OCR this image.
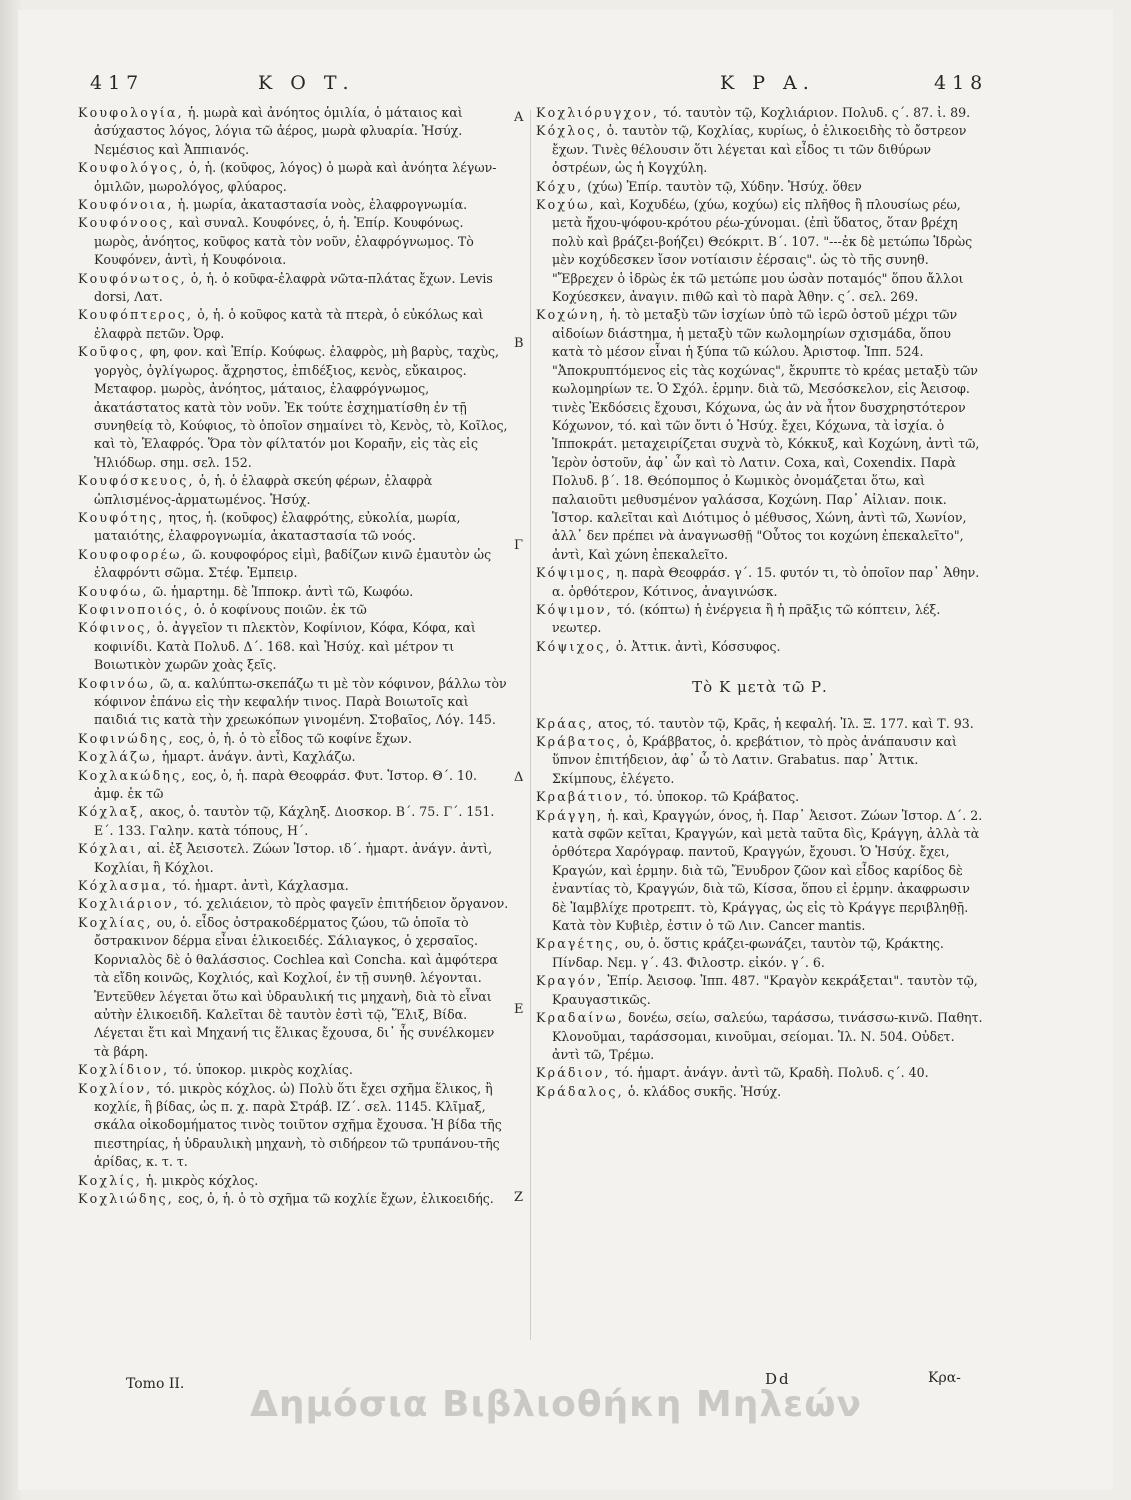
417	Κ Ο Τ.	Κ Ρ Α.	418
Κουφολογία, ἡ. μωρὰ καὶ ἀνόητος ὁμιλία, ὁ μάταιος καὶ ἀσύχαστος λόγος, λόγια τῶ ἀέρος, μωρὰ φλυαρία. Ἡσύχ. Νεμέσιος καὶ Ἀππιανός.
Κουφολόγος, ὁ, ἡ. (κοῦφος, λόγος) ὁ μωρὰ καὶ ἀνόητα λέγων-ὁμιλῶν, μωρολόγος, φλύαρος.
Κουφόνοια, ἡ. μωρία, ἀκαταστασία νοὸς, ἐλαφρογνωμία.
Κουφόνοος, καὶ συναλ. Κουφόνες, ὁ, ἡ. Ἐπίρ. Κουφόνως. μωρὸς, ἀνόητος, κοῦφος κατὰ τὸν νοῦν, ἐλαφρόγνωμος. Τὸ Κουφόνεν, ἀντὶ, ἡ Κουφόνοια.
Κουφόνωτος, ὁ, ἡ. ὁ κοῦφα-ἐλαφρὰ νῶτα-πλάτας ἔχων. Levis dorsi, Λατ.
Κουφόπτερος, ὁ, ἡ. ὁ κοῦφος κατὰ τὰ πτερὰ, ὁ εὐκόλως καὶ ἐλαφρὰ πετῶν. Ὀρφ.
Κοῦφος, φη, φον. καὶ Ἐπίρ. Κούφως. ἐλαφρὸς, μὴ βαρὺς, ταχὺς, γοργὸς, ὀγλίγωρος. ἄχρηστος, ἐπιδέξιος, κενὸς, εὔκαιρος. Μεταφορ. μωρὸς, ἀνόητος, μάταιος, ἐλαφρόγνωμος, ἀκατάστατος κατὰ τὸν νοῦν. Ἐκ τούτε ἐσχηματίσθη ἐν τῇ συνηθείᾳ τὸ, Κούφιος, τὸ ὁποῖον σημαίνει τὸ, Κενὸς, τὸ, Κοῖλος, καὶ τὸ, Ἐλαφρός. Ὅρα τὸν φίλτατόν μοι Κοραῆν, εἰς τὰς εἰς Ἡλιόδωρ. σημ. σελ. 152.
Κουφόσκευος, ὁ, ἡ. ὁ ἐλαφρὰ σκεύη φέρων, ἐλαφρὰ ὡπλισμένος-ἁρματωμένος. Ἡσύχ.
Κουφότης, ητος, ἡ. (κοῦφος) ἐλαφρότης, εὐκολία, μωρία, ματαιότης, ἐλαφρογνωμία, ἀκαταστασία τῶ νοός.
Κουφοφορέω, ῶ. κουφοφόρος εἰμὶ, βαδίζων κινῶ ἐμαυτὸν ὡς ἐλαφρόντι σῶμα. Στέφ. Ἐμπειρ.
Κουφόω, ῶ. ἡμαρτημ. δὲ Ἱπποκρ. ἀντὶ τῶ, Κωφόω.
Κοφινοποιός, ὁ. ὁ κοφίνους ποιῶν. ἐκ τῶ
Κόφινος, ὁ. ἀγγεῖον τι πλεκτὸν, Κοφίνιον, Κόφα, Κόφα, καὶ κοφινίδι. Κατὰ Πολυδ. Δ΄. 168. καὶ Ἡσύχ. καὶ μέτρον τι Βοιωτικὸν χωρῶν χοὰς ξεῖς.
Κοφινόω, ῶ, α. καλύπτω-σκεπάζω τι μὲ τὸν κόφινον, βάλλω τὸν κόφινον ἐπάνω εἰς τὴν κεφαλήν τινος. Παρὰ Βοιωτοῖς καὶ παιδιά τις κατὰ τὴν χρεωκόπων γινομένη. Στοβαῖος, Λόγ. 145.
Κοφινώδης, εος, ὁ, ἡ. ὁ τὸ εἶδος τῶ κοφίνε ἔχων.
Κοχλάζω, ἡμαρτ. ἀνάγν. ἀντὶ, Καχλάζω.
Κοχλακώδης, εος, ὁ, ἡ. παρὰ Θεοφράσ. Φυτ. Ἱστορ. Θ΄. 10. ἀμφ. ἐκ τῶ
Κόχλαξ, ακος, ὁ. ταυτὸν τῷ, Κάχληξ. Διοσκορ. Β΄. 75. Γ΄. 151. Ε΄. 133. Γαλην. κατὰ τόπους, Η΄.
Κόχλαι, αἱ. ἐξ Ἀεισοτελ. Ζώων Ἱστορ. ιδ΄. ἡμαρτ. ἀνάγν. ἀντὶ, Κοχλίαι, ἢ Κόχλοι.
Κόχλασμα, τό. ἡμαρτ. ἀντὶ, Κάχλασμα.
Κοχλιάριον, τό. χελιάειον, τὸ πρὸς φαγεῖν ἐπιτήδειον ὄργανον.
Κοχλίας, ου, ὁ. εἶδος ὀστρακοδέρματος ζώου, τῶ ὁποῖα τὸ ὄστρακινον δέρμα εἶναι ἑλικοειδές. Σάλιαγκος, ὁ χερσαῖος. Κορνιαλὸς δὲ ὁ θαλάσσιος. Cochlea καὶ Concha. καὶ ἀμφότερα τὰ εἴδη κοινῶς, Κοχλιός, καὶ Κοχλοί, ἐν τῇ συνηθ. λέγονται. Ἐντεῦθεν λέγεται ὅτω καὶ ὑδραυλική τις μηχανὴ, διὰ τὸ εἶναι αὐτὴν ἑλικοειδῆ. Καλεῖται δὲ ταυτὸν ἐστὶ τῷ, Ἕλιξ, Βίδα. Λέγεται ἔτι καὶ Μηχανή τις ἕλικας ἔχουσα, δι᾽ ἧς συνέλκομεν τὰ βάρη.
Κοχλίδιον, τό. ὑποκορ. μικρὸς κοχλίας.
Κοχλίον, τό. μικρὸς κόχλος. ὠ) Πολὺ ὅτι ἔχει σχῆμα ἕλικος, ἢ κοχλίε, ἢ βίδας, ὡς π. χ. παρὰ Στράβ. ΙΖ΄. σελ. 1145. Κλῖμαξ, σκάλα οἰκοδομήματος τινὸς τοιῦτον σχῆμα ἔχουσα. Ἡ βίδα τῆς πιεστηρίας, ἡ ὑδραυλικὴ μηχανὴ, τὸ σιδήρεον τῶ τρυπάνου-τῆς ἀρίδας, κ. τ. τ.
Κοχλίς, ἡ. μικρὸς κόχλος.
Κοχλιώδης, εος, ὁ, ἡ. ὁ τὸ σχῆμα τῶ κοχλίε ἔχων, ἑλικοειδής.
Κοχλιόρυγχον, τό. ταυτὸν τῷ, Κοχλιάριον. Πολυδ. ς΄. 87. ἰ. 89.
Κόχλος, ὁ. ταυτὸν τῷ, Κοχλίας, κυρίως, ὁ ἑλικοειδὴς τὸ ὄστρεον ἔχων. Τινὲς θέλουσιν ὅτι λέγεται καὶ εἶδος τι τῶν διθύρων ὀστρέων, ὡς ἡ Κογχύλη.
Κόχυ, (χύω) Ἐπίρ. ταυτὸν τῷ, Χύδην. Ἡσύχ. ὅθεν
Κοχύω, καὶ, Κοχυδέω, (χύω, κοχύω) εἰς πλῆθος ἢ πλουσίως ρέω, μετὰ ἤχου-ψόφου-κρότου ρέω-χύνομαι. (ἐπὶ ὕδατος, ὅταν βρέχη πολὺ καὶ βράζει-βοήζει) Θεόκριτ. Β΄. 107. "---ἐκ δὲ μετώπω Ἱδρὼς μὲν κοχύδεσκεν ἴσον νοτίαισιν ἐέρσαις". ὡς τὸ τῆς συνηθ. "Ἔβρεχεν ὁ ἱδρὼς ἐκ τῶ μετώπε μου ὡσὰν ποταμός" ὅπου ἄλλοι Κοχύεσκεν, ἀναγιν. πιθῶ καὶ τὸ παρὰ Ἀθην. ς΄. σελ. 269.
Κοχώνη, ἡ. τὸ μεταξὺ τῶν ἰσχίων ὑπὸ τῶ ἱερῶ ὀστοῦ μέχρι τῶν αἰδοίων διάστημα, ἡ μεταξὺ τῶν κωλομηρίων σχισμάδα, ὅπου κατὰ τὸ μέσον εἶναι ἡ ξύπα τῶ κώλου. Ἀριστοφ. Ἱππ. 524. "Ἀποκρυπτόμενος εἰς τὰς κοχώνας", ἔκρυπτε τὸ κρέας μεταξὺ τῶν κωλομηρίων τε. Ὁ Σχόλ. ἑρμην. διὰ τῶ, Μεσόσκελον, εἰς Ἀεισοφ. τινὲς Ἐκδόσεις ἔχουσι, Κόχωνα, ὡς ἀν νὰ ἦτον δυσχρηστότερον Κόχωνον, τό. καὶ τῶν ὄντι ὁ Ἡσύχ. ἔχει, Κόχωνα, τὰ ἰσχία. ὁ Ἱπποκράτ. μεταχειρίζεται συχνὰ τὸ, Κόκκυξ, καὶ Κοχώνη, ἀντὶ τῶ, Ἱερὸν ὀστοῦν, ἀφ᾽ ὧν καὶ τὸ Λατιν. Coxa, καὶ, Coxendix. Παρὰ Πολυδ. β΄. 18. Θεόπομπος ὁ Κωμικὸς ὀνομάζεται ὅτω, καὶ παλαιοῦτι μεθυσμένον γαλάσσα, Κοχώνη. Παρ᾽ Αἰλιαν. ποικ. Ἱστορ. καλεῖται καὶ Διότιμος ὁ μέθυσος, Χώνη, ἀντὶ τῶ, Χωνίον, ἀλλ᾽ δεν πρέπει νὰ ἀναγνωσθῇ "Οὗτος τοι κοχώνη ἐπεκαλεῖτο", ἀντὶ, Καὶ χώνη ἐπεκαλεῖτο.
Κόψιμος, η. παρὰ Θεοφράσ. γ΄. 15. φυτόν τι, τὸ ὁποῖον παρ᾽ Ἀθην. α. ὀρθότερον, Κότινος, ἀναγινώσκ.
Κόψιμον, τό. (κόπτω) ἡ ἐνέργεια ἢ ἡ πρᾶξις τῶ κόπτειν, λέξ. νεωτερ.
Κόψιχος, ὁ. Ἀττικ. ἀντὶ, Κόσσυφος.
Τὸ Κ μετὰ τῶ Ρ.
Κράας, ατος, τό. ταυτὸν τῷ, Κρᾶς, ἡ κεφαλή. Ἰλ. Ξ. 177. καὶ Τ. 93.
Κράβατος, ὁ, Κράββατος, ὁ. κρεβάτιον, τὸ πρὸς ἀνάπαυσιν καὶ ὕπνον ἐπιτήδειον, ἀφ᾽ ὧ τὸ Λατιν. Grabatus. παρ᾽ Ἀττικ. Σκίμπους, ἐλέγετο.
Κραβάτιον, τό. ὑποκορ. τῶ Κράβατος.
Κράγγη, ἡ. καὶ, Κραγγών, όνος, ἡ. Παρ᾽ Ἀεισοτ. Ζώων Ἱστορ. Δ΄. 2. κατὰ σφῶν κεῖται, Κραγγών, καὶ μετὰ ταῦτα δὶς, Κράγγη, ἀλλὰ τὰ ὀρθότερα Χαρόγραφ. παντοῦ, Κραγγών, ἔχουσι. Ὁ Ἡσύχ. ἔχει, Κραγών, καὶ ἑρμην. διὰ τῶ, Ἔνυδρον ζῶον καὶ εἶδος καρίδος δὲ ἐναντίας τὸ, Κραγγών, διὰ τῶ, Κίσσα, ὅπου εἰ ἑρμην. ἀκαφρωσιν δὲ Ἰαμβλίχε προτρεπτ. τὸ, Κράγγας, ὡς εἰς τὸ Κράγγε περιβληθῇ. Κατὰ τὸν Κυβιὲρ, ἐστιν ὁ τῶ Λιν. Cancer mantis.
Κραγέτης, ου, ὁ. ὅστις κράζει-φωνάζει, ταυτὸν τῷ, Κράκτης. Πίνδαρ. Νεμ. γ΄. 43. Φιλοστρ. εἰκόν. γ΄. 6.
Κραγόν, Ἐπίρ. Ἀεισοφ. Ἱππ. 487. "Κραγὸν κεκράξεται". ταυτὸν τῷ, Κραυγαστικῶς.
Κραδαίνω, δονέω, σείω, σαλεύω, ταράσσω, τινάσσω-κινῶ. Παθητ. Κλονοῦμαι, ταράσσομαι, κινοῦμαι, σείομαι. Ἰλ. Ν. 504. Οὐδετ. ἀντὶ τῶ, Τρέμω.
Κράδιον, τό. ἡμαρτ. ἀνάγν. ἀντὶ τῶ, Κραδὴ. Πολυδ. ς΄. 40.
Κράδαλος, ὁ. κλάδος συκῆς. Ἡσύχ.
Α
Β
Γ
Δ
Ε
Ζ
Tomo II.	Dd	Κρα-
Δημόσια Βιβλιοθήκη Μηλεών
